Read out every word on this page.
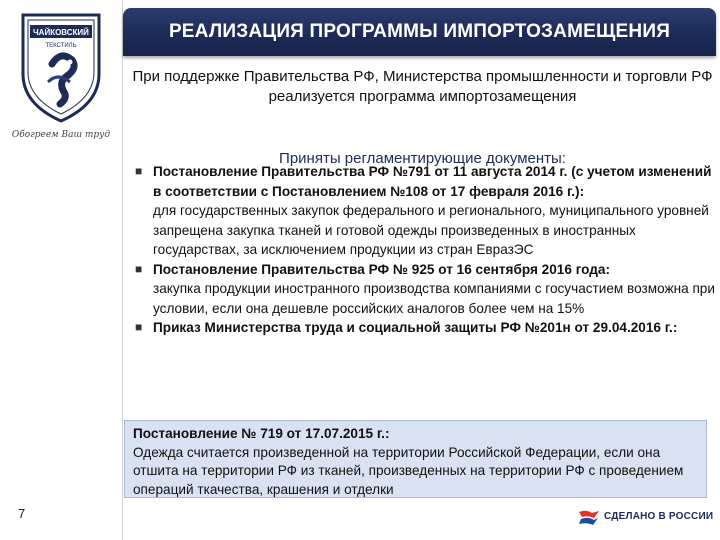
ЧАЙКОВСКИЙ
ТЕКСТИЛЬ
Обогреем Ваш труд
7
РЕАЛИЗАЦИЯ ПРОГРАММЫ ИМПОРТОЗАМЕЩЕНИЯ
При поддержке Правительства РФ, Министерства промышленности и торговли РФ реализуется программа импортозамещения
Приняты регламентирующие документы:
■ Постановление Правительства РФ №791 от 11 августа 2014 г. (с учетом изменений в соответствии с Постановлением №108 от 17 февраля 2016 г.):
для государственных закупок федерального и регионального, муниципального уровней запрещена закупка тканей и готовой одежды произведенных в иностранных государствах, за исключением продукции из стран ЕвразЭС
■ Постановление Правительства РФ № 925 от 16 сентября 2016 года:
закупка продукции иностранного производства компаниями с госучастием возможна при условии, если она дешевле российских аналогов более чем на 15%
■ Приказ Министерства труда и социальной защиты РФ №201н от 29.04.2016 г.:
Постановление № 719 от 17.07.2015 г.:
Одежда считается произведенной на территории Российской Федерации, если она отшита на территории РФ из тканей, произведенных на территории РФ с проведением операций ткачества, крашения и отделки
СДЕЛАНО В РОССИИ
